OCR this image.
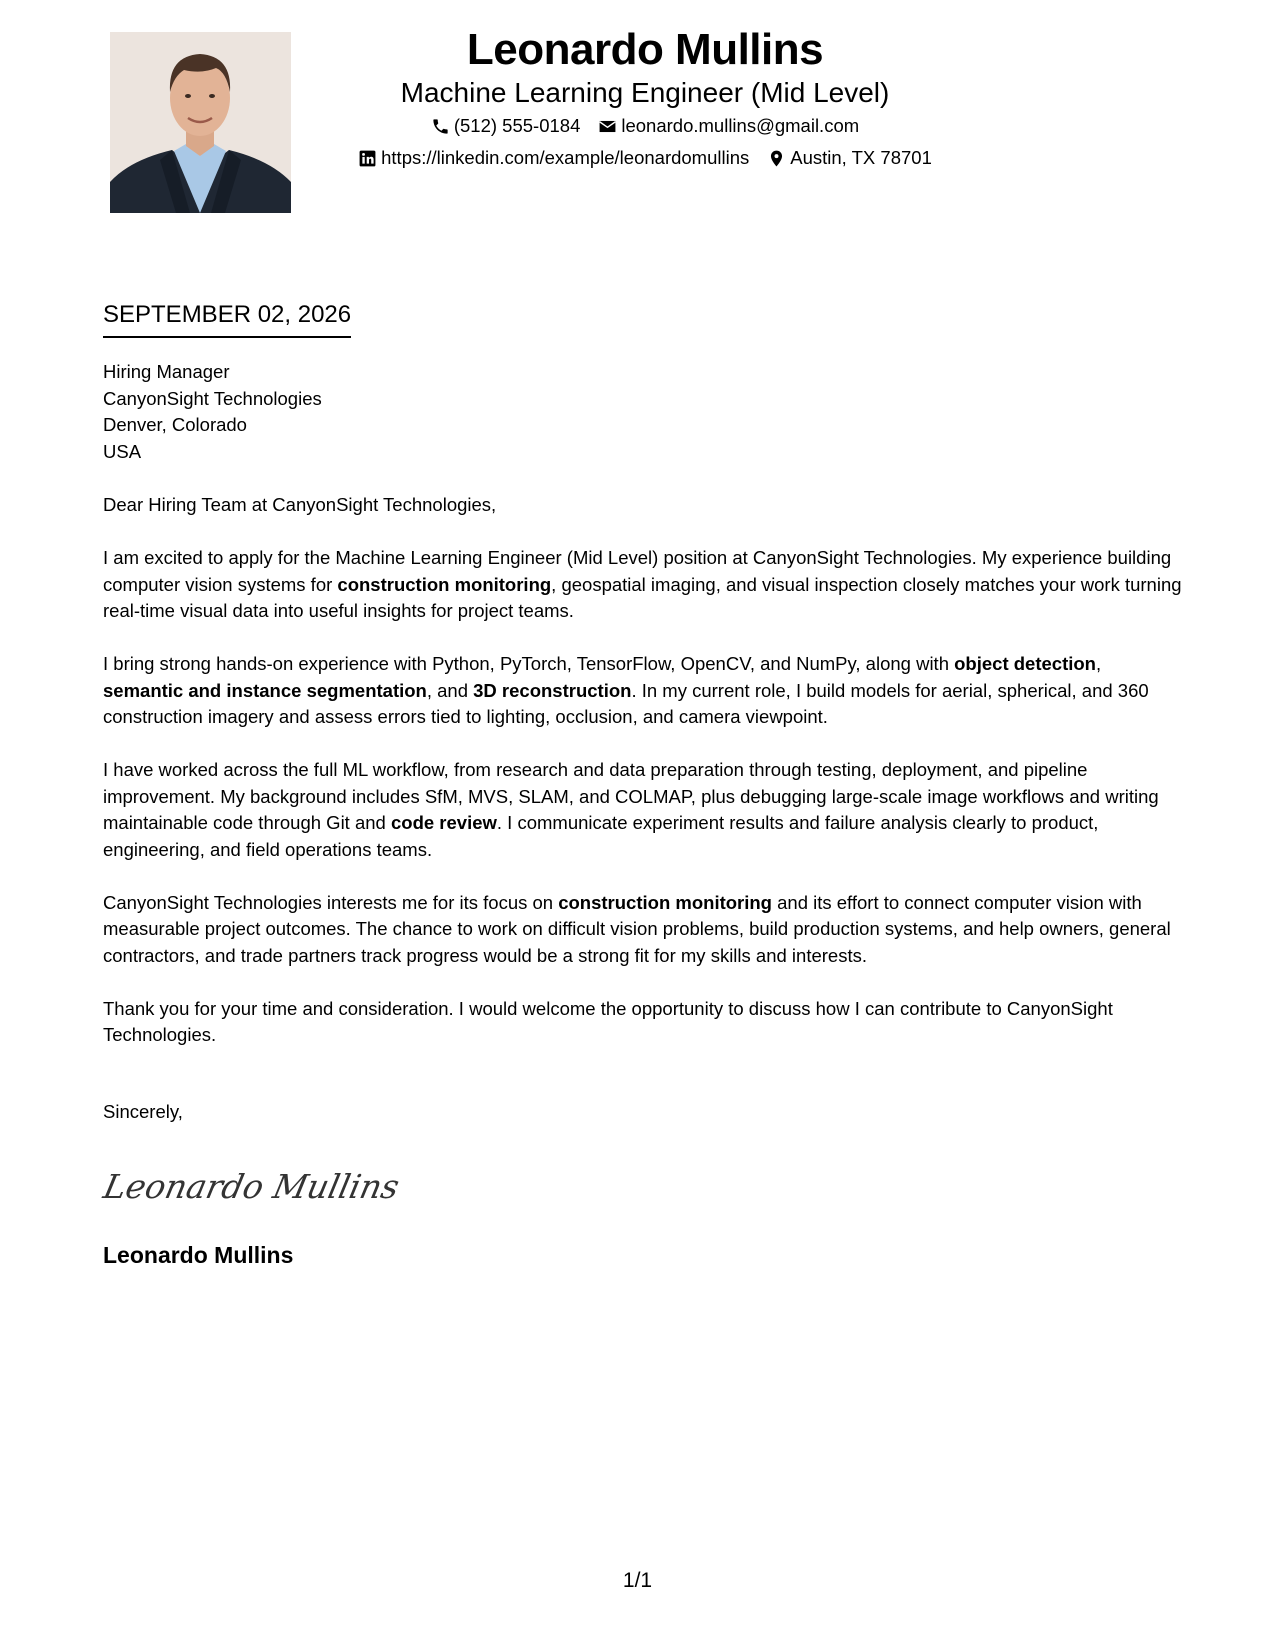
Leonardo Mullins
Machine Learning Engineer (Mid Level)
(512) 555-0184 leonardo.mullins@gmail.com
https://linkedin.com/example/leonardomullins Austin, TX 78701
SEPTEMBER 02, 2026
Hiring Manager
CanyonSight Technologies
Denver, Colorado
USA

Dear Hiring Team at CanyonSight Technologies,

I am excited to apply for the Machine Learning Engineer (Mid Level) position at CanyonSight Technologies. My experience building computer vision systems for construction monitoring, geospatial imaging, and visual inspection closely matches your work turning real-time visual data into useful insights for project teams.

I bring strong hands-on experience with Python, PyTorch, TensorFlow, OpenCV, and NumPy, along with object detection, semantic and instance segmentation, and 3D reconstruction. In my current role, I build models for aerial, spherical, and 360 construction imagery and assess errors tied to lighting, occlusion, and camera viewpoint.

I have worked across the full ML workflow, from research and data preparation through testing, deployment, and pipeline improvement. My background includes SfM, MVS, SLAM, and COLMAP, plus debugging large-scale image workflows and writing maintainable code through Git and code review. I communicate experiment results and failure analysis clearly to product, engineering, and field operations teams.

CanyonSight Technologies interests me for its focus on construction monitoring and its effort to connect computer vision with measurable project outcomes. The chance to work on difficult vision problems, build production systems, and help owners, general contractors, and trade partners track progress would be a strong fit for my skills and interests.

Thank you for your time and consideration. I would welcome the opportunity to discuss how I can contribute to CanyonSight Technologies.

Sincerely,
Leonardo Mullins
Leonardo Mullins
1/1
